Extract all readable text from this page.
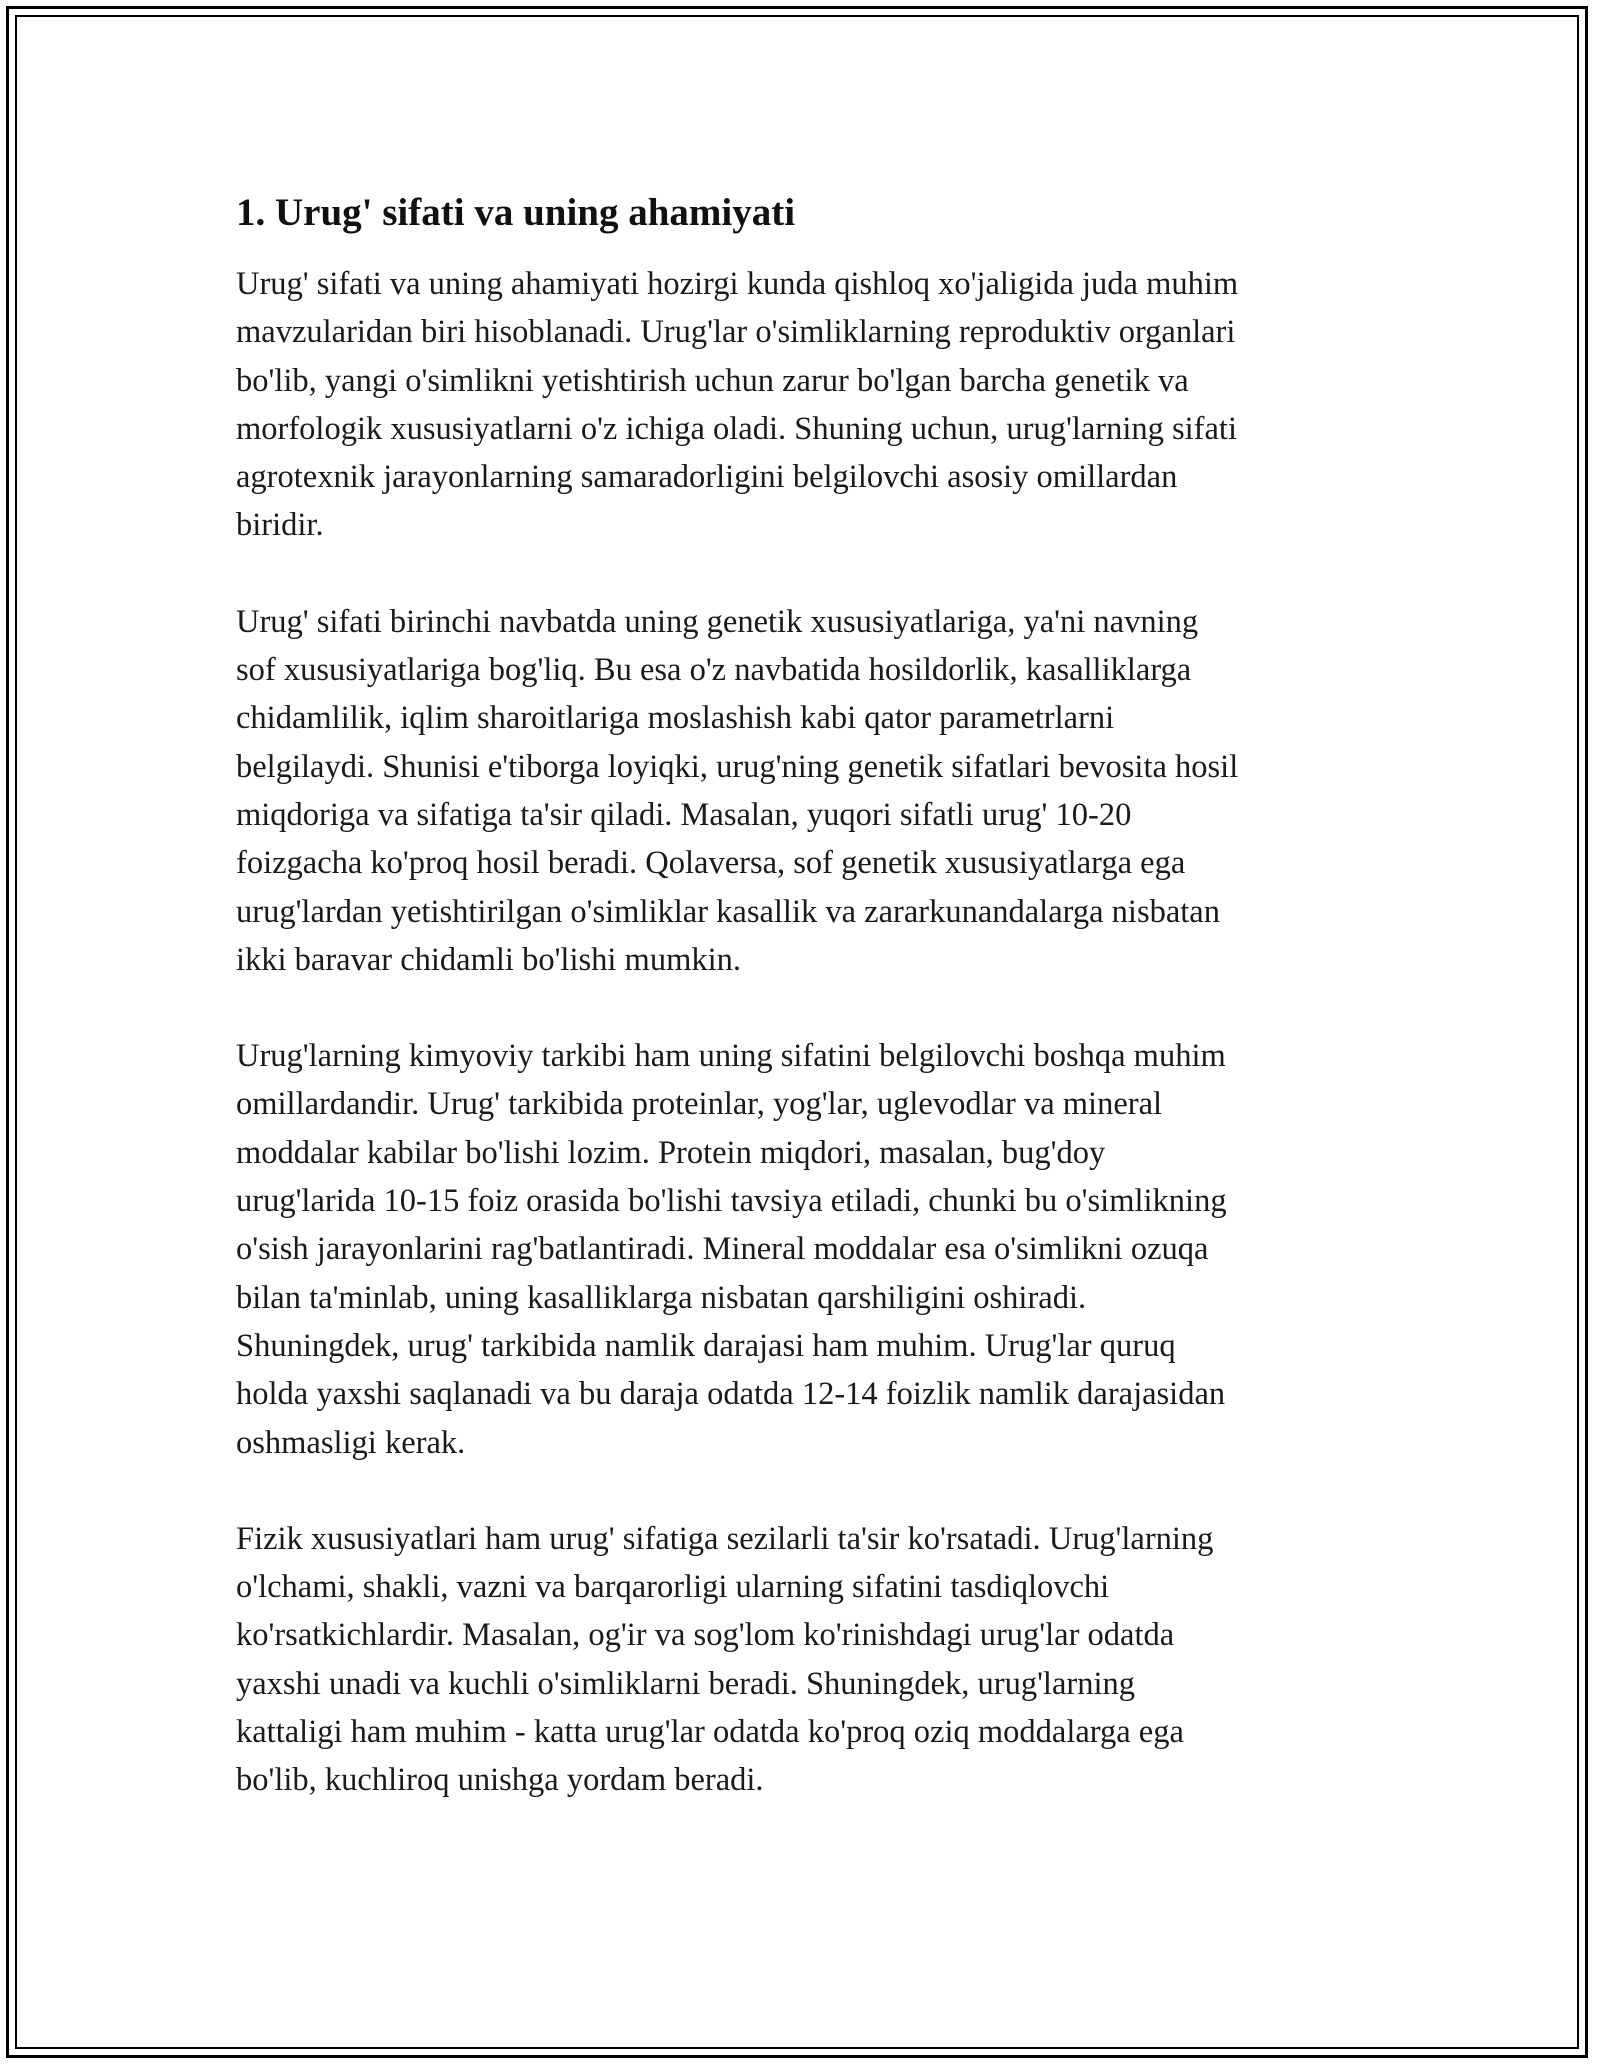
1. Urug' sifati va uning ahamiyati

Urug' sifati va uning ahamiyati hozirgi kunda qishloq xo'jaligida juda muhim
mavzularidan biri hisoblanadi. Urug'lar o'simliklarning reproduktiv organlari
bo'lib, yangi o'simlikni yetishtirish uchun zarur bo'lgan barcha genetik va
morfologik xususiyatlarni o'z ichiga oladi. Shuning uchun, urug'larning sifati
agrotexnik jarayonlarning samaradorligini belgilovchi asosiy omillardan
biridir.

Urug' sifati birinchi navbatda uning genetik xususiyatlariga, ya'ni navning
sof xususiyatlariga bog'liq. Bu esa o'z navbatida hosildorlik, kasalliklarga
chidamlilik, iqlim sharoitlariga moslashish kabi qator parametrlarni
belgilaydi. Shunisi e'tiborga loyiqki, urug'ning genetik sifatlari bevosita hosil
miqdoriga va sifatiga ta'sir qiladi. Masalan, yuqori sifatli urug' 10-20
foizgacha ko'proq hosil beradi. Qolaversa, sof genetik xususiyatlarga ega
urug'lardan yetishtirilgan o'simliklar kasallik va zararkunandalarga nisbatan
ikki baravar chidamli bo'lishi mumkin.

Urug'larning kimyoviy tarkibi ham uning sifatini belgilovchi boshqa muhim
omillardandir. Urug' tarkibida proteinlar, yog'lar, uglevodlar va mineral
moddalar kabilar bo'lishi lozim. Protein miqdori, masalan, bug'doy
urug'larida 10-15 foiz orasida bo'lishi tavsiya etiladi, chunki bu o'simlikning
o'sish jarayonlarini rag'batlantiradi. Mineral moddalar esa o'simlikni ozuqa
bilan ta'minlab, uning kasalliklarga nisbatan qarshiligini oshiradi.
Shuningdek, urug' tarkibida namlik darajasi ham muhim. Urug'lar quruq
holda yaxshi saqlanadi va bu daraja odatda 12-14 foizlik namlik darajasidan
oshmasligi kerak.

Fizik xususiyatlari ham urug' sifatiga sezilarli ta'sir ko'rsatadi. Urug'larning
o'lchami, shakli, vazni va barqarorligi ularning sifatini tasdiqlovchi
ko'rsatkichlardir. Masalan, og'ir va sog'lom ko'rinishdagi urug'lar odatda
yaxshi unadi va kuchli o'simliklarni beradi. Shuningdek, urug'larning
kattaligi ham muhim - katta urug'lar odatda ko'proq oziq moddalarga ega
bo'lib, kuchliroq unishga yordam beradi.
